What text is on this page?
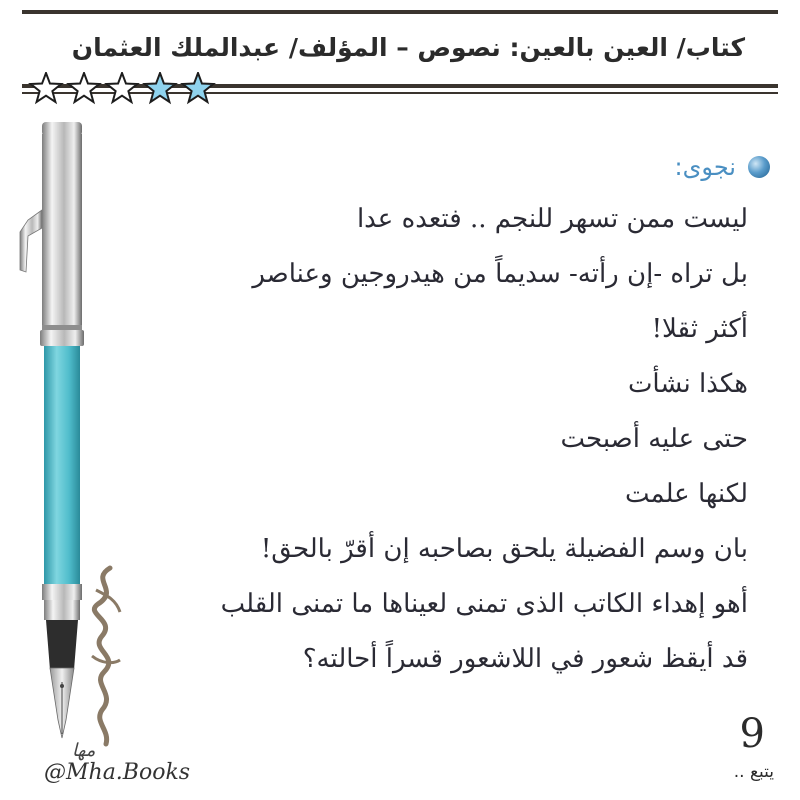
كتاب/ العين بالعين: نصوص – المؤلف/ عبدالملك العثمان
نجوى:
ليست ممن تسهر للنجم .. فتعده عدا
بل تراه -إن رأته- سديماً من هيدروجين وعناصر
أكثر ثقلا!
هكذا نشأت
حتى عليه أصبحت
لكنها علمت
بان وسم الفضيلة يلحق بصاحبه إن أقرّ بالحق!
أهو إهداء الكاتب الذى تمنى لعيناها ما تمنى القلب
قد أيقظ شعور في اللاشعور قسراً أحالته؟
9
يتبع ..
مها
@Mha.Books
